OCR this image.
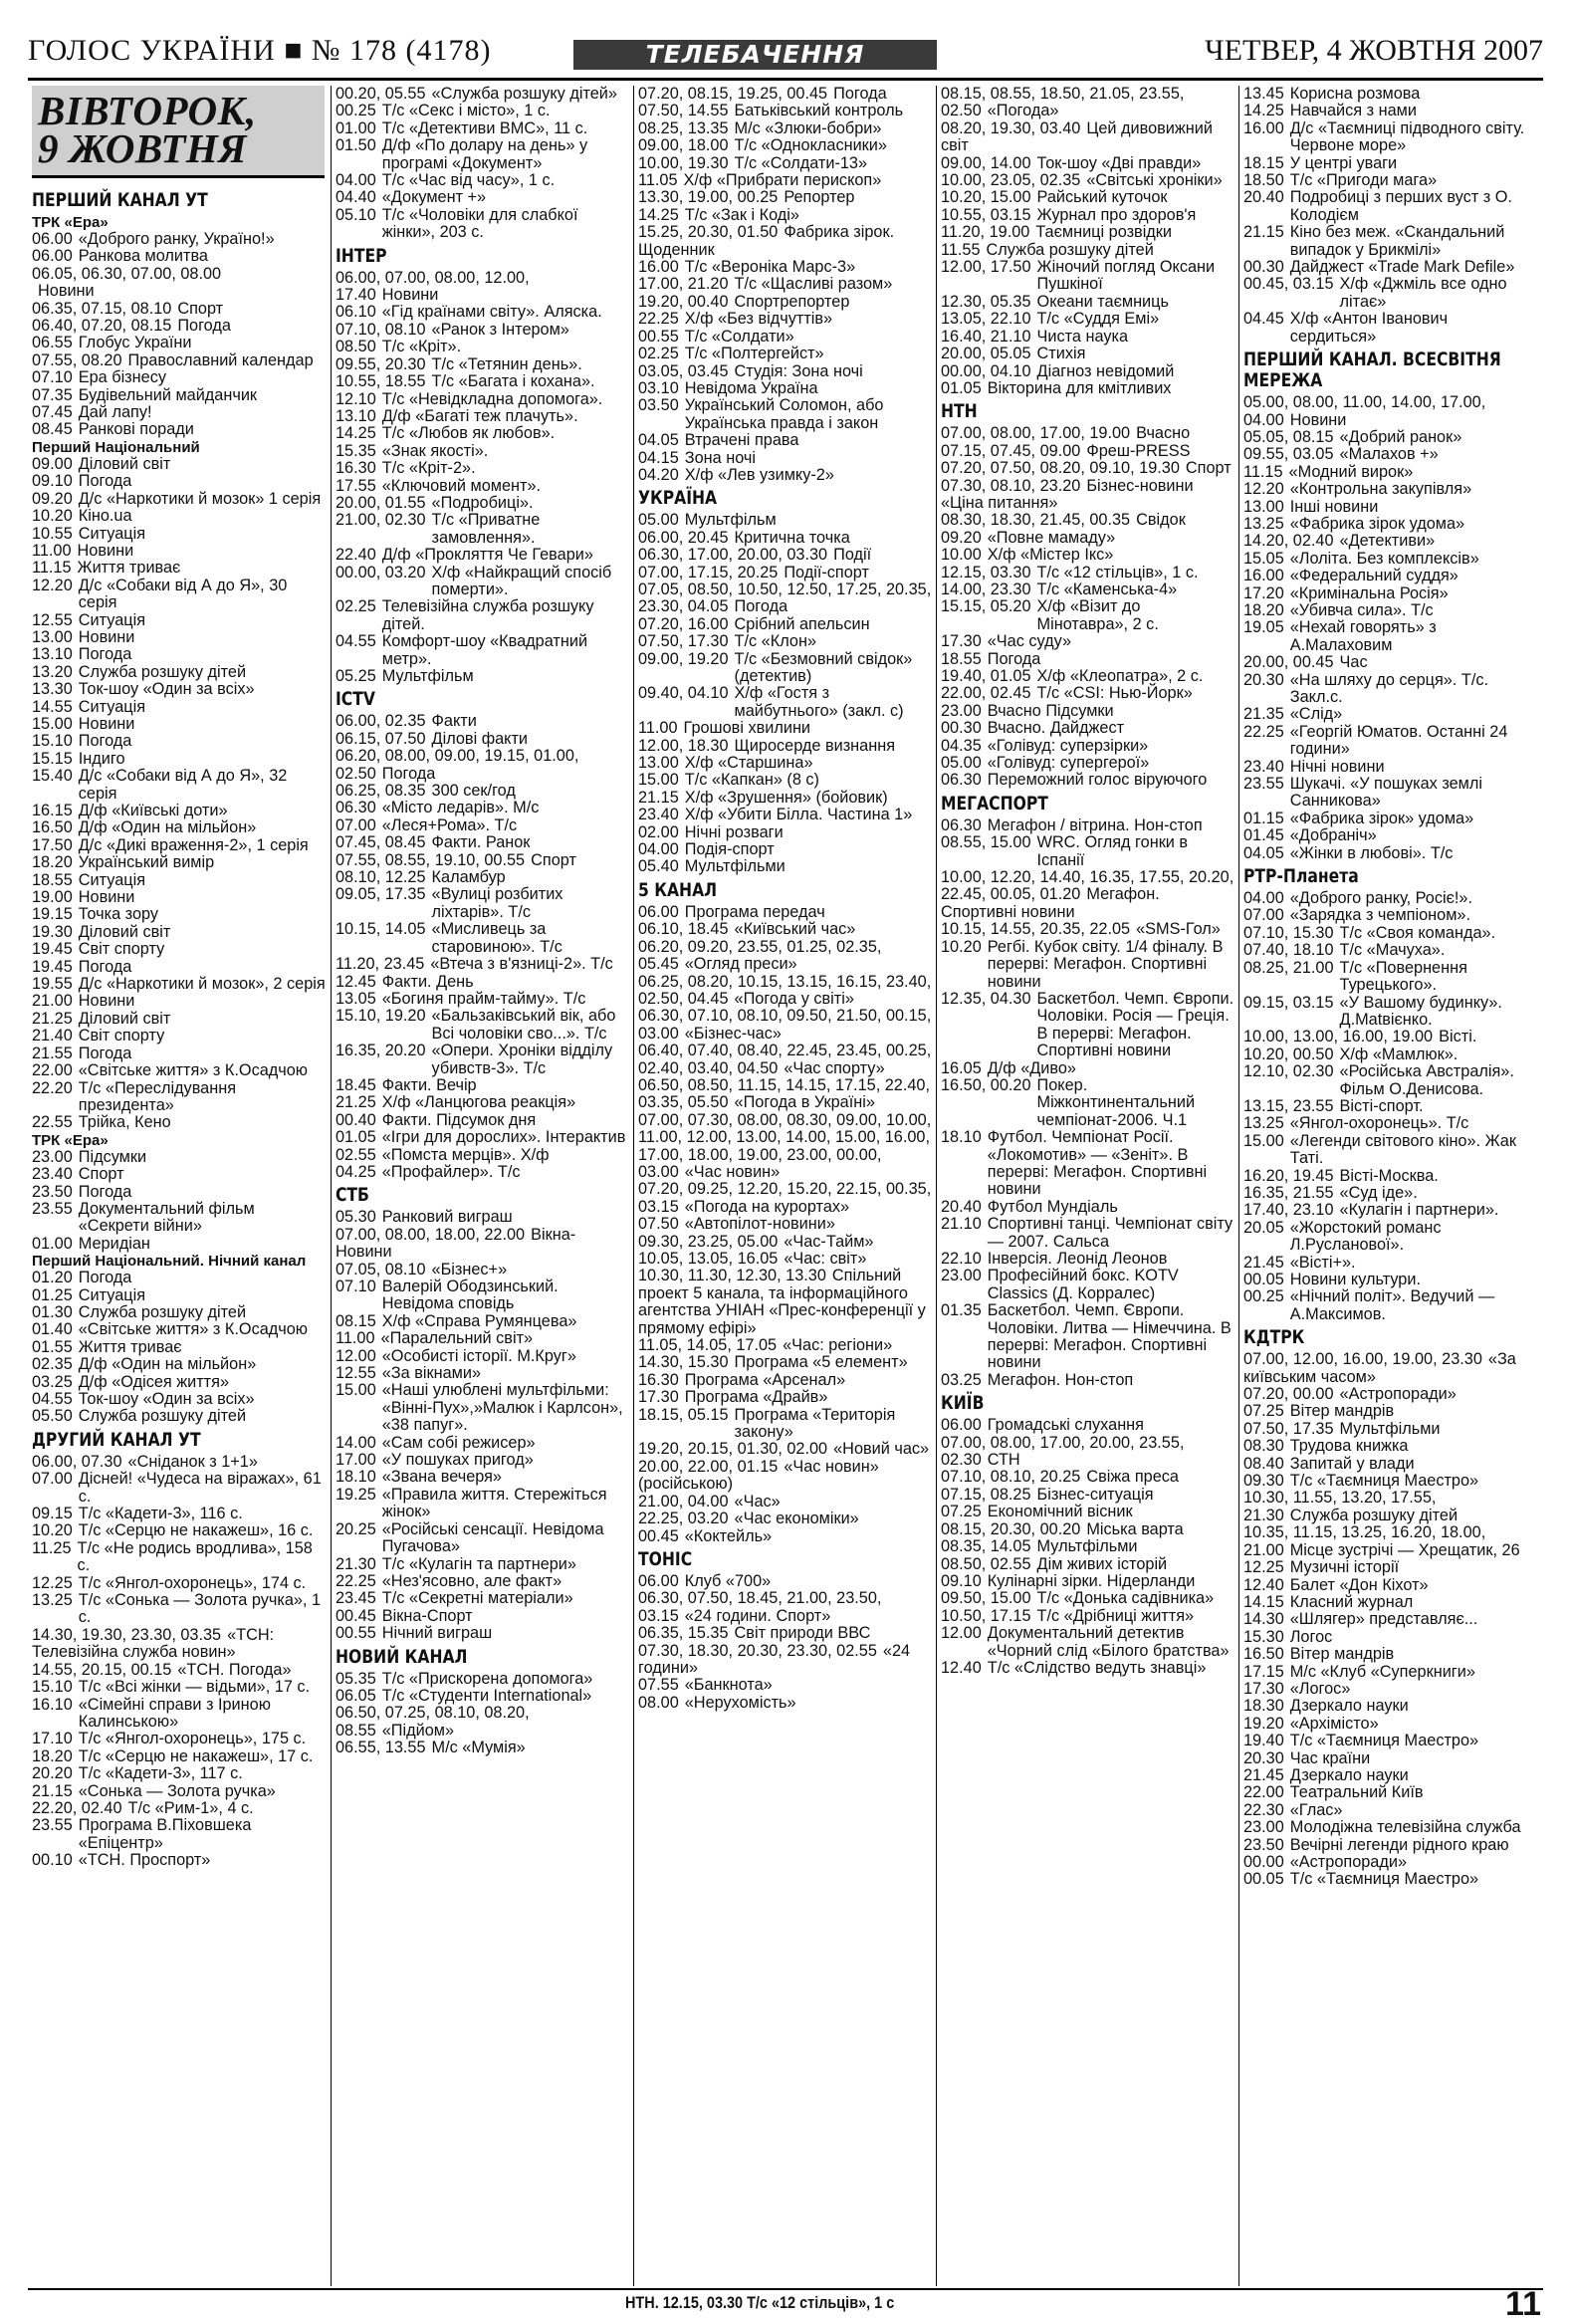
ГОЛОС УКРАЇНИ ■ № 178 (4178)	ТЕЛЕБАЧЕННЯ	ЧЕТВЕР, 4 ЖОВТНЯ 2007
ВІВТОРОК,
9 ЖОВТНЯ
ПЕРШИЙ КАНАЛ УТ
ТРК «Ера»
06.00 «Доброго ранку, Україно!»
06.00 Ранкова молитва
06.05, 06.30, 07.00, 08.00
Новини
06.35, 07.15, 08.10 Спорт
06.40, 07.20, 08.15 Погода
06.55 Глобус України
07.55, 08.20 Православний календар
07.10 Ера бізнесу
07.35 Будівельний майданчик
07.45 Дай лапу!
08.45 Ранкові поради
Перший Національний
09.00 Діловий світ
09.10 Погода
09.20 Д/с «Наркотики й мозок» 1 серія
10.20 Кіно.ua
10.55 Ситуація
11.00 Новини
11.15 Життя триває
12.20 Д/с «Собаки від А до Я», 30 серія
12.55 Ситуація
13.00 Новини
13.10 Погода
13.20 Служба розшуку дітей
13.30 Ток-шоу «Один за всіх»
14.55 Ситуація
15.00 Новини
15.10 Погода
15.15 Індиго
15.40 Д/с «Собаки від А до Я», 32 серія
16.15 Д/ф «Київські доти»
16.50 Д/ф «Один на мільйон»
17.50 Д/с «Дикі враження-2», 1 серія
18.20 Український вимір
18.55 Ситуація
19.00 Новини
19.15 Точка зору
19.30 Діловий світ
19.45 Світ спорту
19.45 Погода
19.55 Д/с «Наркотики й мозок», 2 серія
21.00 Новини
21.25 Діловий світ
21.40 Світ спорту
21.55 Погода
22.00 «Світське життя» з К.Осадчою
22.20 Т/с «Переслідування президента»
22.55 Трійка, Кено
ТРК «Ера»
23.00 Підсумки
23.40 Спорт
23.50 Погода
23.55 Документальний фільм «Секрети війни»
01.00 Меридіан
Перший Національний. Нічний канал
01.20 Погода
01.25 Ситуація
01.30 Служба розшуку дітей
01.40 «Світське життя» з К.Осадчою
01.55 Життя триває
02.35 Д/ф «Один на мільйон»
03.25 Д/ф «Одісея життя»
04.55 Ток-шоу «Один за всіх»
05.50 Служба розшуку дітей
ДРУГИЙ КАНАЛ УТ
06.00, 07.30 «Сніданок з 1+1»
07.00 Дісней! «Чудеса на віражах», 61 с.
09.15 Т/с «Кадети-3», 116 с.
10.20 Т/с «Серцю не накажеш», 16 с.
11.25 Т/с «Не родись вродлива», 158 с.
12.25 Т/с «Янгол-охоронець», 174 с.
13.25 Т/с «Сонька — Золота ручка», 1 с.
14.30, 19.30, 23.30, 03.35 «ТСН: Телевізійна служба новин»
14.55, 20.15, 00.15 «ТСН. Погода»
15.10 Т/с «Всі жінки — відьми», 17 с.
16.10 «Сімейні справи з Іриною Калинською»
17.10 Т/с «Янгол-охоронець», 175 с.
18.20 Т/с «Серцю не накажеш», 17 с.
20.20 Т/с «Кадети-3», 117 с.
21.15 «Сонька — Золота ручка»
22.20, 02.40 Т/с «Рим-1», 4 с.
23.55 Програма В.Піховшека «Епіцентр»
00.10 «ТСН. Проспорт»
00.20, 05.55 «Служба розшуку дітей»
00.25 Т/с «Секс і місто», 1 с.
01.00 Т/с «Детективи ВМС», 11 с.
01.50 Д/ф «По долару на день» у програмі «Документ»
04.00 Т/с «Час від часу», 1 с.
04.40 «Документ +»
05.10 Т/с «Чоловіки для слабкої жінки», 203 с.
ІНТЕР
06.00, 07.00, 08.00, 12.00, 17.40 Новини
06.10 «Гід країнами світу». Аляска.
07.10, 08.10 «Ранок з Інтером»
08.50 Т/с «Кріт».
09.55, 20.30 Т/с «Тетянин день».
10.55, 18.55 Т/с «Багата і кохана».
12.10 Т/с «Невідкладна допомога».
13.10 Д/ф «Багаті теж плачуть».
14.25 Т/с «Любов як любов».
15.35 «Знак якості».
16.30 Т/с «Кріт-2».
17.55 «Ключовий момент».
20.00, 01.55 «Подробиці».
21.00, 02.30 Т/с «Приватне замовлення».
22.40 Д/ф «Прокляття Че Гевари»
00.00, 03.20 Х/ф «Найкращий спосіб померти».
02.25 Телевізійна служба розшуку дітей.
04.55 Комфорт-шоу «Квадратний метр».
05.25 Мультфільм
ICTV
06.00, 02.35 Факти
06.15, 07.50 Ділові факти
06.20, 08.00, 09.00, 19.15, 01.00, 02.50 Погода
06.25, 08.35 300 сек/год
06.30 «Місто ледарів». М/с
07.00 «Леся+Рома». Т/с
07.45, 08.45 Факти. Ранок
07.55, 08.55, 19.10, 00.55 Спорт
08.10, 12.25 Каламбур
09.05, 17.35 «Вулиці розбитих ліхтарів». Т/с
10.15, 14.05 «Мисливець за старовиною». Т/с
11.20, 23.45 «Втеча з в'язниці-2». Т/с
12.45 Факти. День
13.05 «Богиня прайм-тайму». Т/с
15.10, 19.20 «Бальзаківський вік, або Всі чоловіки сво...». Т/с
16.35, 20.20 «Опери. Хроніки відділу убивств-3». Т/с
18.45 Факти. Вечір
21.25 Х/ф «Ланцюгова реакція»
00.40 Факти. Підсумок дня
01.05 «Ігри для дорослих». Інтерактив
02.55 «Помста мерців». Х/ф
04.25 «Профайлер». Т/с
СТБ
05.30 Ранковий виграш
07.00, 08.00, 18.00, 22.00 Вікна-Новини
07.05, 08.10 «Бізнес+»
07.10 Валерій Ободзинський. Невідома сповідь
08.15 Х/ф «Справа Румянцева»
11.00 «Паралельний світ»
12.00 «Особисті історії. М.Круг»
12.55 «За вікнами»
15.00 «Наші улюблені мультфільми: «Вінні-Пух»,»Малюк і Карлсон», «38 папуг».
14.00 «Сам собі режисер»
17.00 «У пошуках пригод»
18.10 «Звана вечеря»
19.25 «Правила життя. Стережіться жінок»
20.25 «Російські сенсації. Невідома Пугачова»
21.30 Т/с «Кулагін та партнери»
22.25 «Нез'ясовно, але факт»
23.45 Т/с «Секретні матеріали»
00.45 Вікна-Спорт
00.55 Нічний виграш
НОВИЙ КАНАЛ
05.35 Т/с «Прискорена допомога»
06.05 Т/с «Студенти International»
06.50, 07.25, 08.10, 08.20, 08.55 «Підйом»
06.55, 13.55 М/с «Мумія»
07.20, 08.15, 19.25, 00.45 Погода
07.50, 14.55 Батьківський контроль
08.25, 13.35 М/с «Злюки-бобри»
09.00, 18.00 Т/с «Однокласники»
10.00, 19.30 Т/с «Солдати-13»
11.05 Х/ф «Прибрати перископ»
13.30, 19.00, 00.25 Репортер
14.25 Т/с «Зак і Коді»
15.25, 20.30, 01.50 Фабрика зірок. Щоденник
16.00 Т/с «Вероніка Марс-3»
17.00, 21.20 Т/с «Щасливі разом»
19.20, 00.40 Спортрепортер
22.25 Х/ф «Без відчуттів»
00.55 Т/с «Солдати»
02.25 Т/с «Полтергейст»
03.05, 03.45 Студія: Зона ночі
03.10 Невідома Україна
03.50 Український Соломон, або Українська правда і закон
04.05 Втрачені права
04.15 Зона ночі
04.20 Х/ф «Лев узимку-2»
УКРАЇНА
05.00 Мультфільм
06.00, 20.45 Критична точка
06.30, 17.00, 20.00, 03.30 Події
07.00, 17.15, 20.25 Події-спорт
07.05, 08.50, 10.50, 12.50, 17.25, 20.35, 23.30, 04.05 Погода
07.20, 16.00 Срібний апельсин
07.50, 17.30 Т/с «Клон»
09.00, 19.20 Т/с «Безмовний свідок» (детектив)
09.40, 04.10 Х/ф «Гостя з майбутнього» (закл. с)
11.00 Грошові хвилини
12.00, 18.30 Щиросерде визнання
13.00 Х/ф «Старшина»
15.00 Т/с «Капкан» (8 с)
21.15 Х/ф «Зрушення» (бойовик)
23.40 Х/ф «Убити Білла. Частина 1»
02.00 Нічні розваги
04.00 Подія-спорт
05.40 Мультфільми
5 КАНАЛ
06.00 Програма передач
06.10, 18.45 «Київський час»
06.20, 09.20, 23.55, 01.25, 02.35, 05.45 «Огляд преси»
06.25, 08.20, 10.15, 13.15, 16.15, 23.40, 02.50, 04.45 «Погода у світі»
06.30, 07.10, 08.10, 09.50, 21.50, 00.15, 03.00 «Бізнес-час»
06.40, 07.40, 08.40, 22.45, 23.45, 00.25, 02.40, 03.40, 04.50 «Час спорту»
06.50, 08.50, 11.15, 14.15, 17.15, 22.40, 03.35, 05.50 «Погода в Україні»
07.00, 07.30, 08.00, 08.30, 09.00, 10.00, 11.00, 12.00, 13.00, 14.00, 15.00, 16.00, 17.00, 18.00, 19.00, 23.00, 00.00, 03.00 «Час новин»
07.20, 09.25, 12.20, 15.20, 22.15, 00.35, 03.15 «Погода на курортах»
07.50 «Автопілот-новини»
09.30, 23.25, 05.00 «Час-Тайм»
10.05, 13.05, 16.05 «Час: світ»
10.30, 11.30, 12.30, 13.30 Спільний проект 5 канала, та інформаційного агентства УНІАН «Прес-конференції у прямому ефірі»
11.05, 14.05, 17.05 «Час: регіони»
14.30, 15.30 Програма «5 елемент»
16.30 Програма «Арсенал»
17.30 Програма «Драйв»
18.15, 05.15 Програма «Територія закону»
19.20, 20.15, 01.30, 02.00 «Новий час»
20.00, 22.00, 01.15 «Час новин» (російською)
21.00, 04.00 «Час»
22.25, 03.20 «Час економіки»
00.45 «Коктейль»
ТОНІС
06.00 Клуб «700»
06.30, 07.50, 18.45, 21.00, 23.50, 03.15 «24 години. Спорт»
06.35, 15.35 Світ природи ВВС
07.30, 18.30, 20.30, 23.30, 02.55 «24 години»
07.55 «Банкнота»
08.00 «Нерухомість»
08.15, 08.55, 18.50, 21.05, 23.55, 02.50 «Погода»
08.20, 19.30, 03.40 Цей дивовижний світ
09.00, 14.00 Ток-шоу «Дві правди»
10.00, 23.05, 02.35 «Світські хроніки»
10.20, 15.00 Райський куточок
10.55, 03.15 Журнал про здоров'я
11.20, 19.00 Таємниці розвідки
11.55 Служба розшуку дітей
12.00, 17.50 Жіночий погляд Оксани Пушкіної
12.30, 05.35 Океани таємниць
13.05, 22.10 Т/с «Суддя Емі»
16.40, 21.10 Чиста наука
20.00, 05.05 Стихія
00.00, 04.10 Діагноз невідомий
01.05 Вікторина для кмітливих
НТН
07.00, 08.00, 17.00, 19.00 Вчасно
07.15, 07.45, 09.00 Фреш-PRESS
07.20, 07.50, 08.20, 09.10, 19.30 Спорт
07.30, 08.10, 23.20 Бізнес-новини «Ціна питання»
08.30, 18.30, 21.45, 00.35 Свідок
09.20 «Повне мамаду»
10.00 Х/ф «Містер Ікс»
12.15, 03.30 Т/с «12 стільців», 1 с.
14.00, 23.30 Т/с «Каменська-4»
15.15, 05.20 Х/ф «Візит до Мінотавра», 2 с.
17.30 «Час суду»
18.55 Погода
19.40, 01.05 Х/ф «Клеопатра», 2 с.
22.00, 02.45 Т/с «CSI: Нью-Йорк»
23.00 Вчасно Підсумки
00.30 Вчасно. Дайджест
04.35 «Голівуд: суперзірки»
05.00 «Голівуд: супергерої»
06.30 Переможний голос віруючого
МЕГАСПОРТ
06.30 Мегафон / вітрина. Нон-стоп
08.55, 15.00 WRC. Огляд гонки в Іспанії
10.00, 12.20, 14.40, 16.35, 17.55, 20.20, 22.45, 00.05, 01.20 Мегафон. Спортивні новини
10.15, 14.55, 20.35, 22.05 «SMS-Гол»
10.20 Регбі. Кубок світу. 1/4 фіналу. В перерві: Мегафон. Спортивні новини
12.35, 04.30 Баскетбол. Чемп. Європи. Чоловіки. Росія — Греція. В перерві: Мегафон. Спортивні новини
16.05 Д/ф «Диво»
16.50, 00.20 Покер. Міжконтинентальний чемпіонат-2006. Ч.1
18.10 Футбол. Чемпіонат Росії. «Локомотив» — «Зеніт». В перерві: Мегафон. Спортивні новини
20.40 Футбол Мундіаль
21.10 Спортивні танці. Чемпіонат світу — 2007. Сальса
22.10 Інверсія. Леонід Леонов
23.00 Професійний бокс. KOTV Classics (Д. Корралес)
01.35 Баскетбол. Чемп. Європи. Чоловіки. Литва — Німеччина. В перерві: Мегафон. Спортивні новини
03.25 Мегафон. Нон-стоп
КИЇВ
06.00 Громадські слухання
07.00, 08.00, 17.00, 20.00, 23.55, 02.30 СТН
07.10, 08.10, 20.25 Свіжа преса
07.15, 08.25 Бізнес-ситуація
07.25 Економічний вісник
08.15, 20.30, 00.20 Міська варта
08.35, 14.05 Мультфільми
08.50, 02.55 Дім живих історій
09.10 Кулінарні зірки. Нідерланди
09.50, 15.00 Т/с «Донька садівника»
10.50, 17.15 Т/с «Дрібниці життя»
12.00 Документальний детектив «Чорний слід «Білого братства»
12.40 Т/с «Слідство ведуть знавці»
13.45 Корисна розмова
14.25 Навчайся з нами
16.00 Д/с «Таємниці підводного світу. Червоне море»
18.15 У центрі уваги
18.50 Т/с «Пригоди мага»
20.40 Подробиці з перших вуст з О. Колодієм
21.15 Кіно без меж. «Скандальний випадок у Брикмілі»
00.30 Дайджест «Trade Mark Defile»
00.45, 03.15 Х/ф «Джміль все одно літає»
04.45 Х/ф «Антон Іванович сердиться»
ПЕРШИЙ КАНАЛ. ВСЕСВІТНЯ МЕРЕЖА
05.00, 08.00, 11.00, 14.00, 17.00, 04.00 Новини
05.05, 08.15 «Добрий ранок»
09.55, 03.05 «Малахов +»
11.15 «Модний вирок»
12.20 «Контрольна закупівля»
13.00 Інші новини
13.25 «Фабрика зірок удома»
14.20, 02.40 «Детективи»
15.05 «Лоліта. Без комплексів»
16.00 «Федеральний суддя»
17.20 «Кримінальна Росія»
18.20 «Убивча сила». Т/с
19.05 «Нехай говорять» з А.Малаховим
20.00, 00.45 Час
20.30 «На шляху до серця». Т/с. Закл.с.
21.35 «Слід»
22.25 «Георгій Юматов. Останні 24 години»
23.40 Нічні новини
23.55 Шукачі. «У пошуках землі Санникова»
01.15 «Фабрика зірок» удома»
01.45 «Добраніч»
04.05 «Жінки в любові». Т/с
РТР-Планета
04.00 «Доброго ранку, Росіє!».
07.00 «Зарядка з чемпіоном».
07.10, 15.30 Т/с «Своя команда».
07.40, 18.10 Т/с «Мачуха».
08.25, 21.00 Т/с «Повернення Турецького».
09.15, 03.15 «У Вашому будинку». Д.Мatвієнко.
10.00, 13.00, 16.00, 19.00 Вісті.
10.20, 00.50 Х/ф «Мамлюк».
12.10, 02.30 «Російська Австралія». Фільм О.Денисова.
13.15, 23.55 Вісті-спорт.
13.25 «Янгол-охоронець». Т/с
15.00 «Легенди світового кіно». Жак Таті.
16.20, 19.45 Вісті-Москва.
16.35, 21.55 «Суд іде».
17.40, 23.10 «Кулагін і партнери».
20.05 «Жорстокий романс Л.Русланової».
21.45 «Вісті+».
00.05 Новини культури.
00.25 «Нічний політ». Ведучий — А.Максимов.
КДТРК
07.00, 12.00, 16.00, 19.00, 23.30 «За київським часом»
07.20, 00.00 «Астропоради»
07.25 Вітер мандрів
07.50, 17.35 Мультфільми
08.30 Трудова книжка
08.40 Запитай у влади
09.30 Т/с «Таємниця Маестро»
10.30, 11.55, 13.20, 17.55, 21.30 Служба розшуку дітей
10.35, 11.15, 13.25, 16.20, 18.00, 21.00 Місце зустрічі — Хрещатик, 26
12.25 Музичні історії
12.40 Балет «Дон Кіхот»
14.15 Класний журнал
14.30 «Шлягер» представляє...
15.30 Логос
16.50 Вітер мандрів
17.15 М/с «Клуб «Суперкниги»
17.30 «Логос»
18.30 Дзеркало науки
19.20 «Архімісто»
19.40 Т/с «Таємниця Маестро»
20.30 Час країни
21.45 Дзеркало науки
22.00 Театральний Київ
22.30 «Глас»
23.00 Молодіжна телевізійна служба
23.50 Вечірні легенди рідного краю
00.00 «Астропоради»
00.05 Т/с «Таємниця Маестро»
НТН. 12.15, 03.30 Т/с «12 стільців», 1 с	11
